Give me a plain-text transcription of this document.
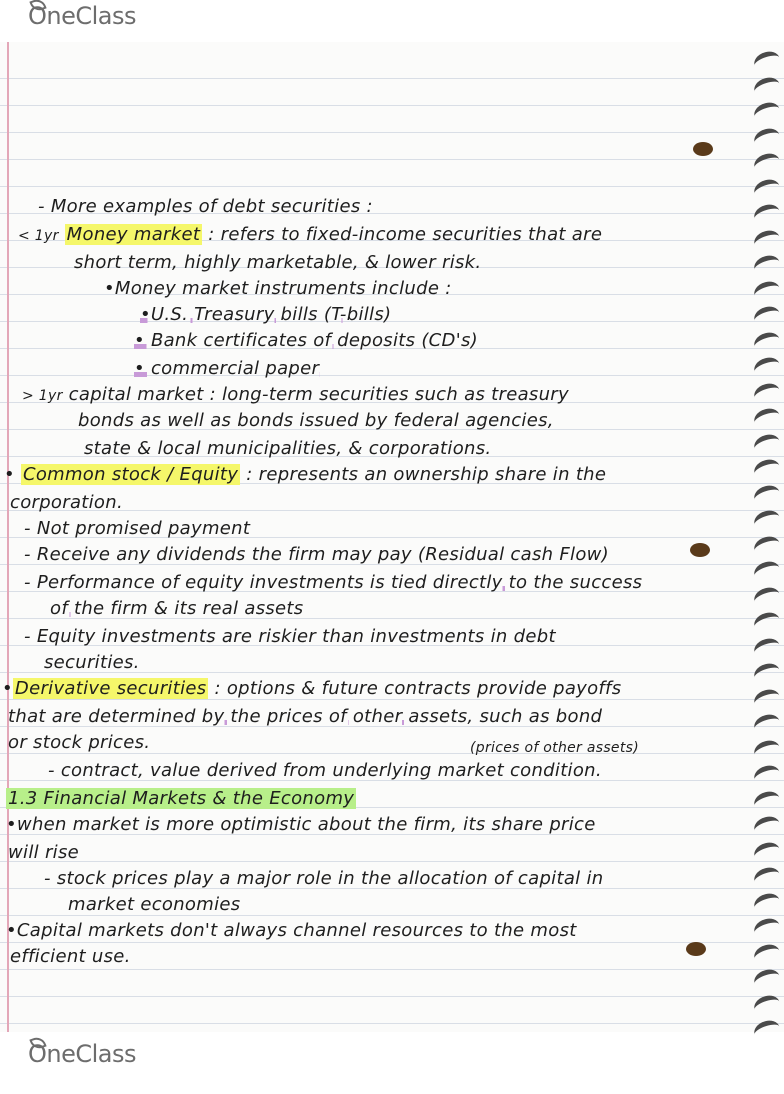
OneClass
- More examples of debt securities :
< 1yr Money market : refers to fixed-income securities that are
short term, highly marketable, & lower risk.
•Money market instruments include :
•U.S. Treasury bills (T-bills)
• Bank certificates of deposits (CD's)
• commercial paper
> 1yr capital market : long-term securities such as treasury
bonds as well as bonds issued by federal agencies,
state & local municipalities, & corporations.
• Common stock / Equity : represents an ownership share in the
corporation.
- Not promised payment
- Receive any dividends the firm may pay (Residual cash Flow)
- Performance of equity investments is tied directly to the success
of the firm & its real assets
- Equity investments are riskier than investments in debt
securities.
• Derivative securities : options & future contracts provide payoffs
that are determined by the prices of other assets, such as bond
or stock prices.	(prices of other assets)
- contract, value derived from underlying market condition.
1.3 Financial Markets & the Economy
•when market is more optimistic about the firm, its share price
will rise
- stock prices play a major role in the allocation of capital in
market economies
•Capital markets don't always channel resources to the most
efficient use.
OneClass
